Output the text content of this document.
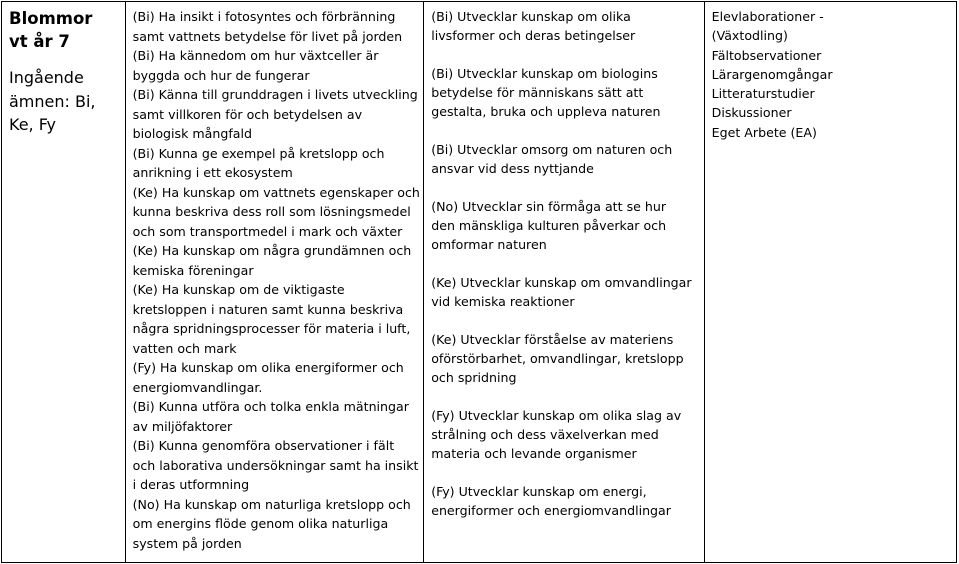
Blommor
vt år 7
Ingående
ämnen: Bi,
Ke, Fy

(Bi) Ha insikt i fotosyntes och förbränning
samt vattnets betydelse för livet på jorden
(Bi) Ha kännedom om hur växtceller är
byggda och hur de fungerar
(Bi) Känna till grunddragen i livets utveckling
samt villkoren för och betydelsen av
biologisk mångfald
(Bi) Kunna ge exempel på kretslopp och
anrikning i ett ekosystem
(Ke) Ha kunskap om vattnets egenskaper och
kunna beskriva dess roll som lösningsmedel
och som transportmedel i mark och växter
(Ke) Ha kunskap om några grundämnen och
kemiska föreningar
(Ke) Ha kunskap om de viktigaste
kretsloppen i naturen samt kunna beskriva
några spridningsprocesser för materia i luft,
vatten och mark
(Fy) Ha kunskap om olika energiformer och
energiomvandlingar.
(Bi) Kunna utföra och tolka enkla mätningar
av miljöfaktorer
(Bi) Kunna genomföra observationer i fält
och laborativa undersökningar samt ha insikt
i deras utformning
(No) Ha kunskap om naturliga kretslopp och
om energins flöde genom olika naturliga
system på jorden

(Bi) Utvecklar kunskap om olika
livsformer och deras betingelser
(Bi) Utvecklar kunskap om biologins
betydelse för människans sätt att
gestalta, bruka och uppleva naturen
(Bi) Utvecklar omsorg om naturen och
ansvar vid dess nyttjande
(No) Utvecklar sin förmåga att se hur
den mänskliga kulturen påverkar och
omformar naturen
(Ke) Utvecklar kunskap om omvandlingar
vid kemiska reaktioner
(Ke) Utvecklar förståelse av materiens
oförstörbarhet, omvandlingar, kretslopp
och spridning
(Fy) Utvecklar kunskap om olika slag av
strålning och dess växelverkan med
materia och levande organismer
(Fy) Utvecklar kunskap om energi,
energiformer och energiomvandlingar

Elevlaborationer -
(Växtodling)
Fältobservationer
Lärargenomgångar
Litteraturstudier
Diskussioner
Eget Arbete (EA)
